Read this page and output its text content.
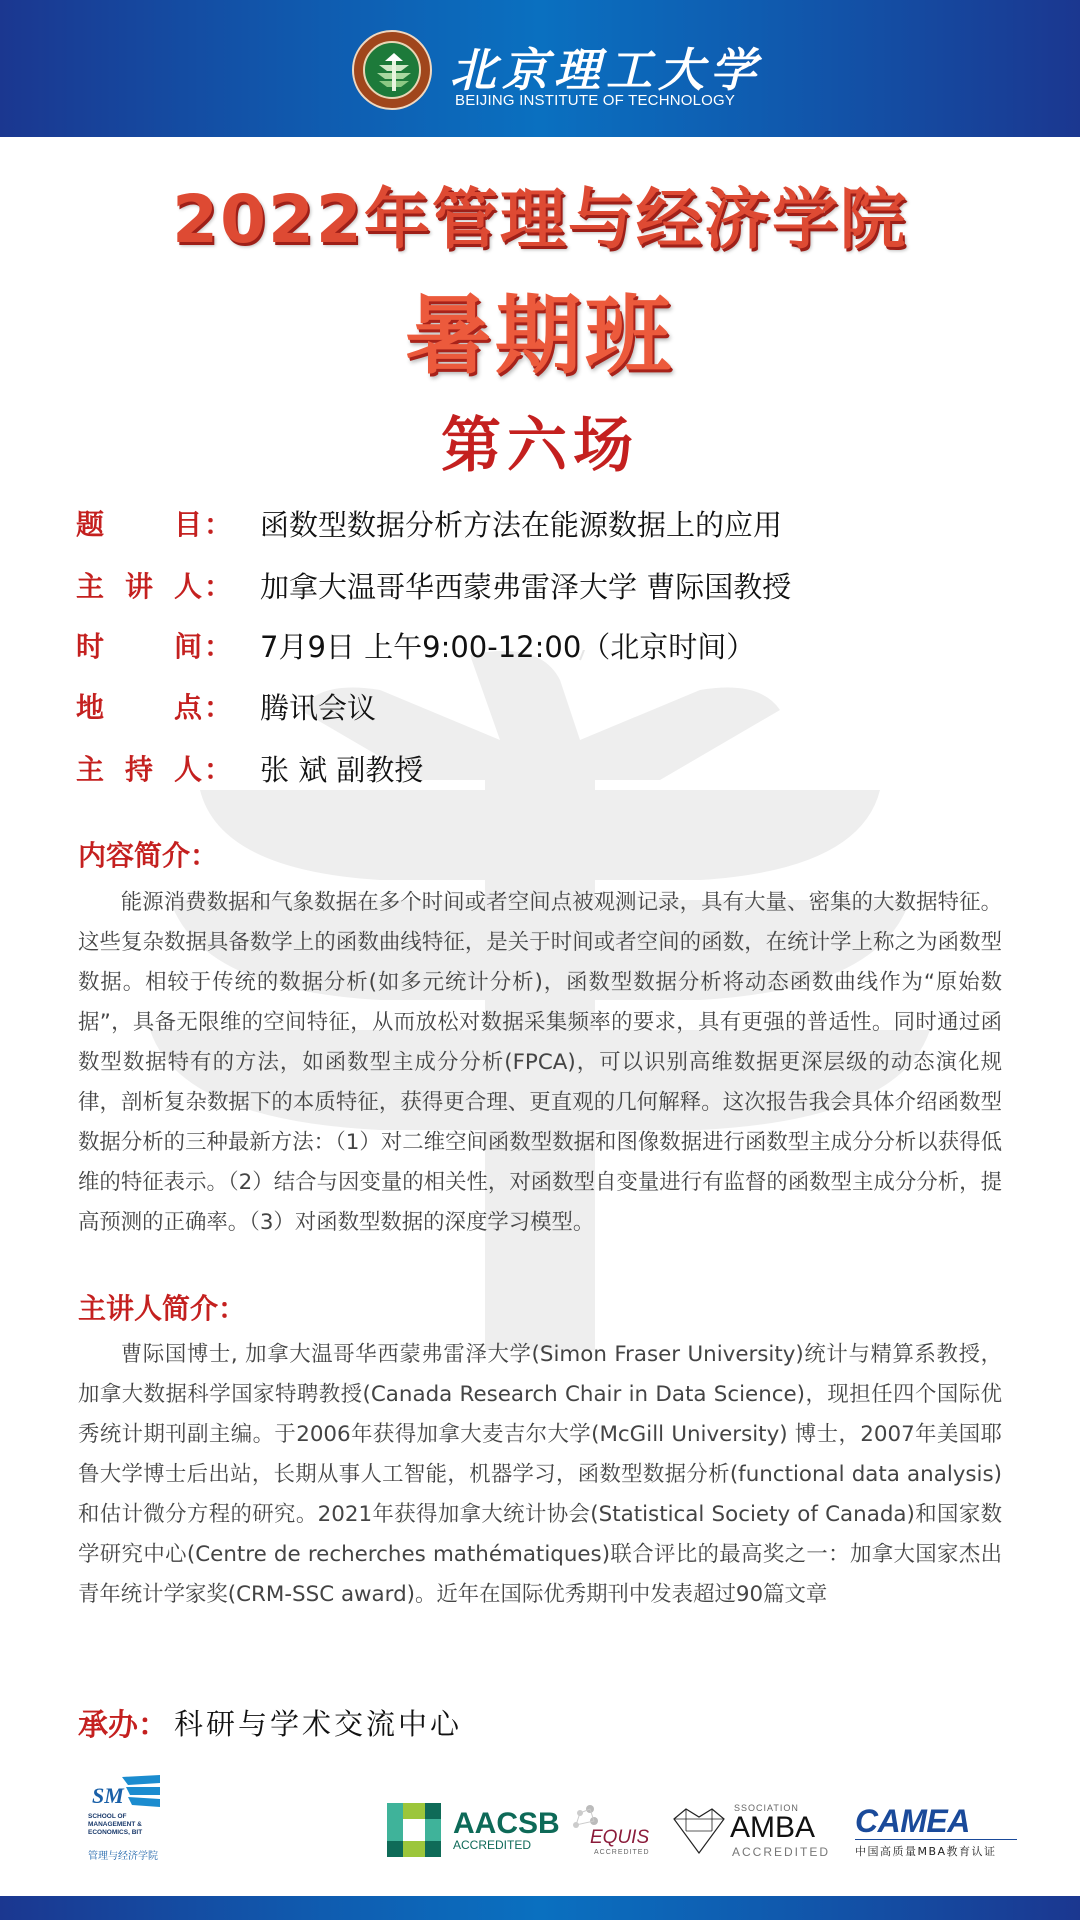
北京理工大学
BEIJING INSTITUTE OF TECHNOLOGY
2022年管理与经济学院
暑期班
第六场
题 目： 函数型数据分析方法在能源数据上的应用
主 讲 人： 加拿大温哥华西蒙弗雷泽大学 曹际国教授
时 间： 7月9日 上午9:00-12:00（北京时间）
地 点： 腾讯会议
主 持 人： 张 斌 副教授
内容简介：
能源消费数据和气象数据在多个时间或者空间点被观测记录，具有大量、密集的大数据特征。这些复杂数据具备数学上的函数曲线特征，是关于时间或者空间的函数，在统计学上称之为函数型数据。相较于传统的数据分析(如多元统计分析)，函数型数据分析将动态函数曲线作为“原始数据”，具备无限维的空间特征，从而放松对数据采集频率的要求，具有更强的普适性。同时通过函数型数据特有的方法，如函数型主成分分析(FPCA)，可以识别高维数据更深层级的动态演化规律，剖析复杂数据下的本质特征，获得更合理、更直观的几何解释。这次报告我会具体介绍函数型数据分析的三种最新方法：（1）对二维空间函数型数据和图像数据进行函数型主成分分析以获得低维的特征表示。（2）结合与因变量的相关性，对函数型自变量进行有监督的函数型主成分分析，提高预测的正确率。（3）对函数型数据的深度学习模型。
主讲人简介：
曹际国博士, 加拿大温哥华西蒙弗雷泽大学(Simon Fraser University)统计与精算系教授，加拿大数据科学国家特聘教授(Canada Research Chair in Data Science)，现担任四个国际优秀统计期刊副主编。于2006年获得加拿大麦吉尔大学(McGill University) 博士，2007年美国耶鲁大学博士后出站，长期从事人工智能，机器学习，函数型数据分析(functional data analysis) 和估计微分方程的研究。2021年获得加拿大统计协会(Statistical Society of Canada)和国家数学研究中心(Centre de recherches mathématiques)联合评比的最高奖之一：加拿大国家杰出青年统计学家奖(CRM-SSC award)。近年在国际优秀期刊中发表超过90篇文章
承办： 科研与学术交流中心
SM
SCHOOL OF
MANAGEMENT &
ECONOMICS, BIT
管理与经济学院
AACSB
ACCREDITED	EQUIS
ACCREDITED
SSOCIATION
AMBA
ACCREDITED
CAMEA
中国高质量MBA教育认证
